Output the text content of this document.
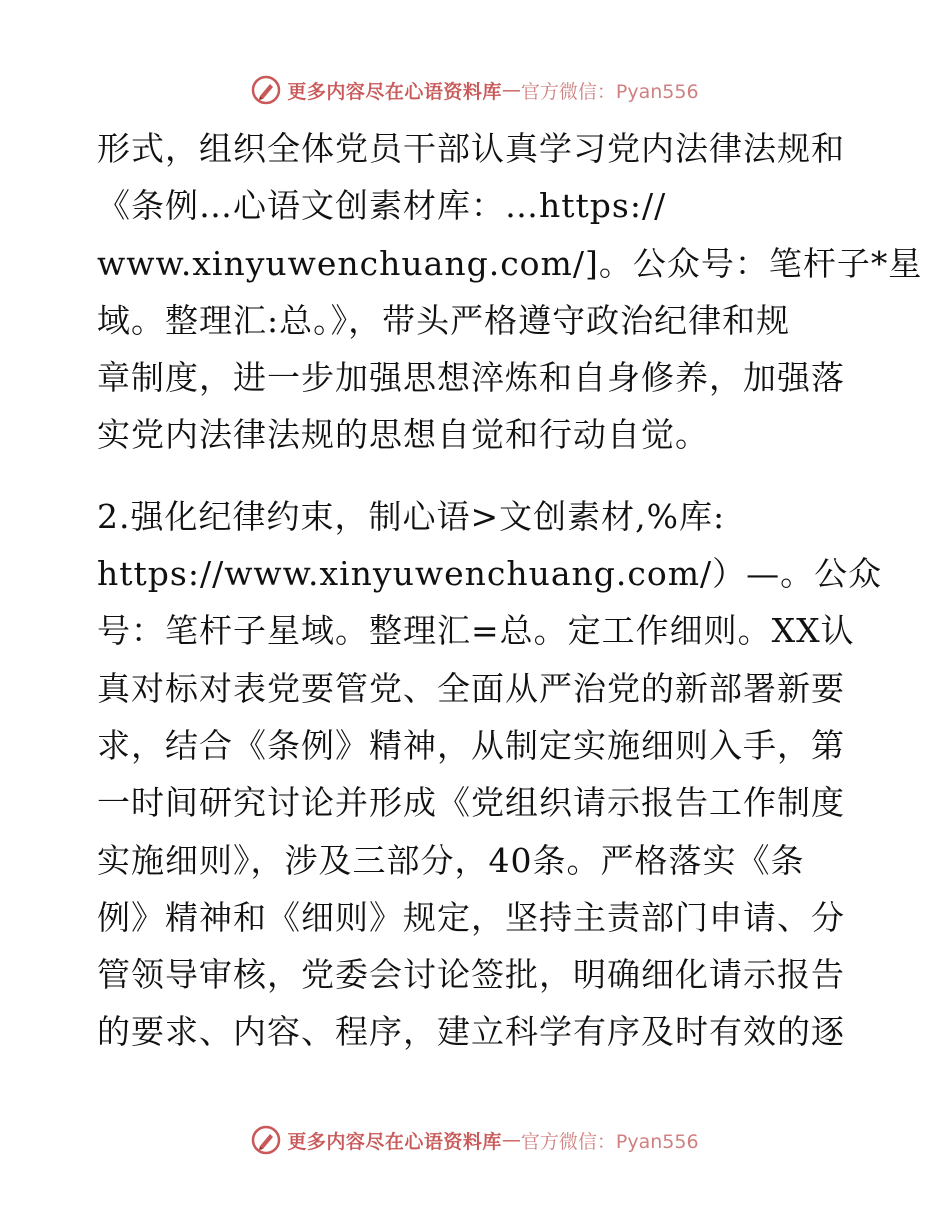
更多内容尽在心语资料库 — 官方微信：Pyan556
形式，组织全体党员干部认真学习党内法律法规和
《条例…心语文创素材库：…https://
www.xinyuwenchuang.com/]。公众号：笔杆子*星
域。整理汇:总。》，带头严格遵守政治纪律和规
章制度，进一步加强思想淬炼和自身修养，加强落
实党内法律法规的思想自觉和行动自觉。
2.强化纪律约束，制心语>文创素材,%库:
https://www.xinyuwenchuang.com/）—。公众
号：笔杆子星域。整理汇=总。定工作细则。XX认
真对标对表党要管党、全面从严治党的新部署新要
求，结合《条例》精神，从制定实施细则入手，第
一时间研究讨论并形成《党组织请示报告工作制度
实施细则》，涉及三部分，40条。严格落实《条
例》精神和《细则》规定，坚持主责部门申请、分
管领导审核，党委会讨论签批，明确细化请示报告
的要求、内容、程序，建立科学有序及时有效的逐
更多内容尽在心语资料库 — 官方微信：Pyan556
